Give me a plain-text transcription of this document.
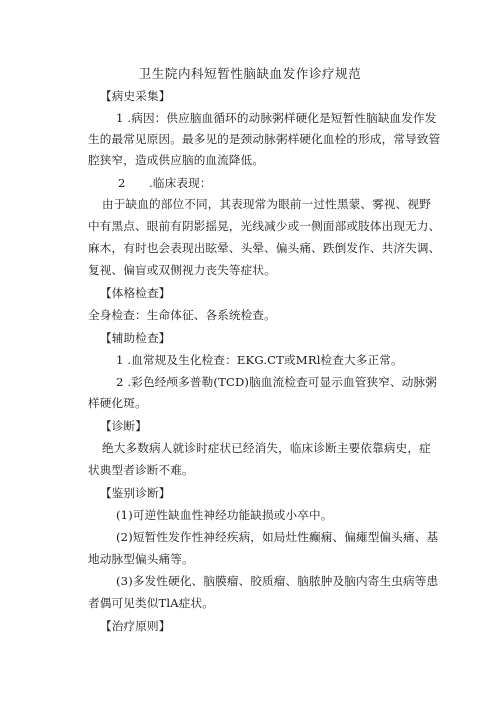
卫生院内科短暂性脑缺血发作诊疗规范
【病史采集】
1 .病因：供应脑血循环的动脉粥样硬化是短暂性脑缺血发作发
生的最常见原因。最多见的是颈动脉粥样硬化血栓的形成，常导致管
腔狭窄，造成供应脑的血流降低。
2　　.临床表现：
由于缺血的部位不同，其表现常为眼前一过性黑蒙、雾视、视野
中有黑点、眼前有阴影摇晃，光线减少或一侧面部或肢体出现无力、
麻木，有时也会表现出眩晕、头晕、偏头痛、跌倒发作、共济失调、
复视、偏盲或双侧视力丧失等症状。
【体格检查】
全身检查：生命体征、各系统检查。
【辅助检查】
1 .血常规及生化检查：EKG.CT或MRl检查大多正常。
2 .彩色经颅多普勒(TCD)脑血流检查可显示血管狭窄、动脉粥
样硬化斑。
【诊断】
绝大多数病人就诊时症状已经消失，临床诊断主要依靠病史，症
状典型者诊断不难。
【鉴别诊断】
(1)可逆性缺血性神经功能缺损或小卒中。
(2)短暂性发作性神经疾病，如局灶性癫痫、偏瘫型偏头痛、基
地动脉型偏头痛等。
(3)多发性硬化、脑膜瘤、胶质瘤、脑脓肿及脑内寄生虫病等患
者偶可见类似TlA症状。
【治疗原则】
